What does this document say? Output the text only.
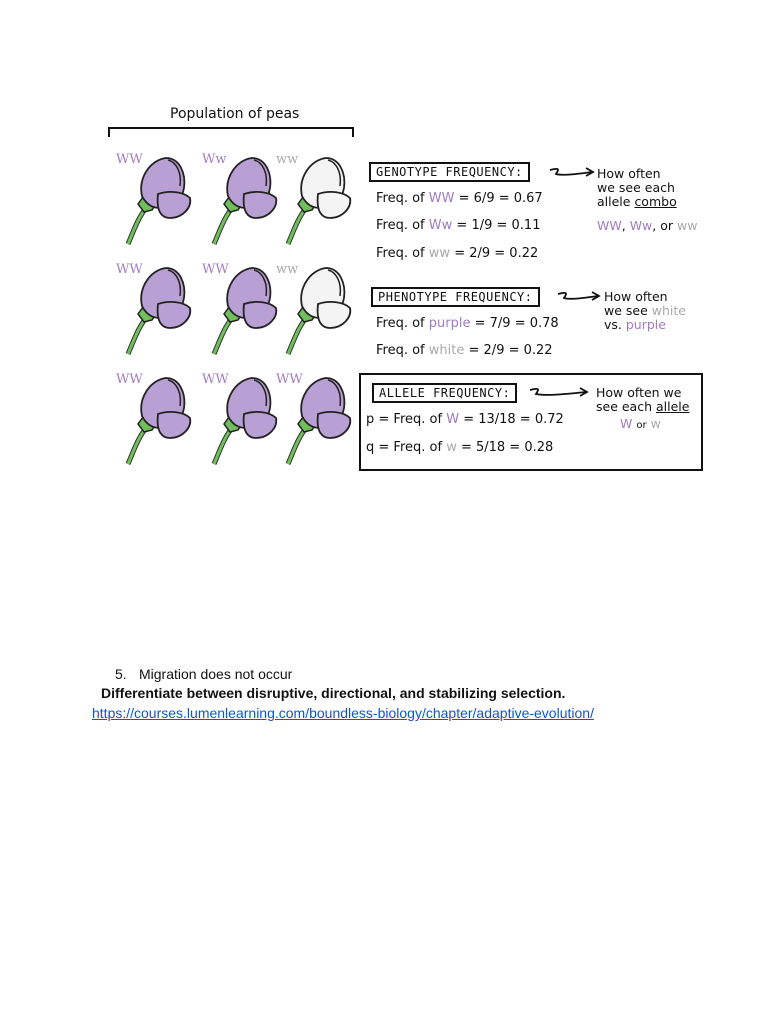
Population of peas
WW	Ww	ww
WW	WW	ww
WW	WW	WW
GENOTYPE FREQUENCY:	How often
we see each
allele combo
WW, Ww, or ww
Freq. of WW = 6/9 = 0.67
Freq. of Ww = 1/9 = 0.11
Freq. of ww = 2/9 = 0.22
PHENOTYPE FREQUENCY:	How often
we see white
vs. purple
Freq. of purple = 7/9 = 0.78
Freq. of white = 2/9 = 0.22
ALLELE FREQUENCY:	How often we
see each allele
W or w
p = Freq. of W = 13/18 = 0.72
q = Freq. of w = 5/18 = 0.28
5. Migration does not occur
Differentiate between disruptive, directional, and stabilizing selection.
https://courses.lumenlearning.com/boundless-biology/chapter/adaptive-evolution/
